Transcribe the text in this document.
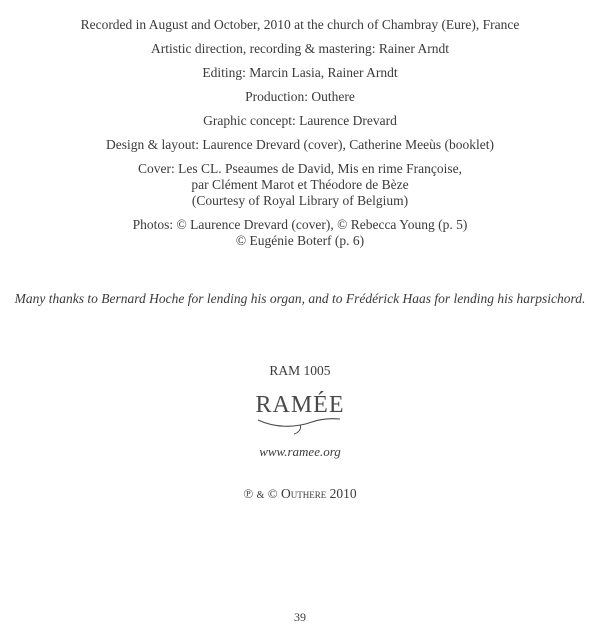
Recorded in August and October, 2010 at the church of Chambray (Eure), France
Artistic direction, recording & mastering: Rainer Arndt
Editing: Marcin Lasia, Rainer Arndt
Production: Outhere
Graphic concept: Laurence Drevard
Design & layout: Laurence Drevard (cover), Catherine Meeùs (booklet)
Cover: Les CL. Pseaumes de David, Mis en rime Françoise,
par Clément Marot et Théodore de Bèze
(Courtesy of Royal Library of Belgium)
Photos: © Laurence Drevard (cover), © Rebecca Young (p. 5)
© Eugénie Boterf (p. 6)
Many thanks to Bernard Hoche for lending his organ, and to Frédérick Haas for lending his harpsichord.
RAM 1005
RAMÉE
www.ramee.org
℗ & © Outhere 2010
39
